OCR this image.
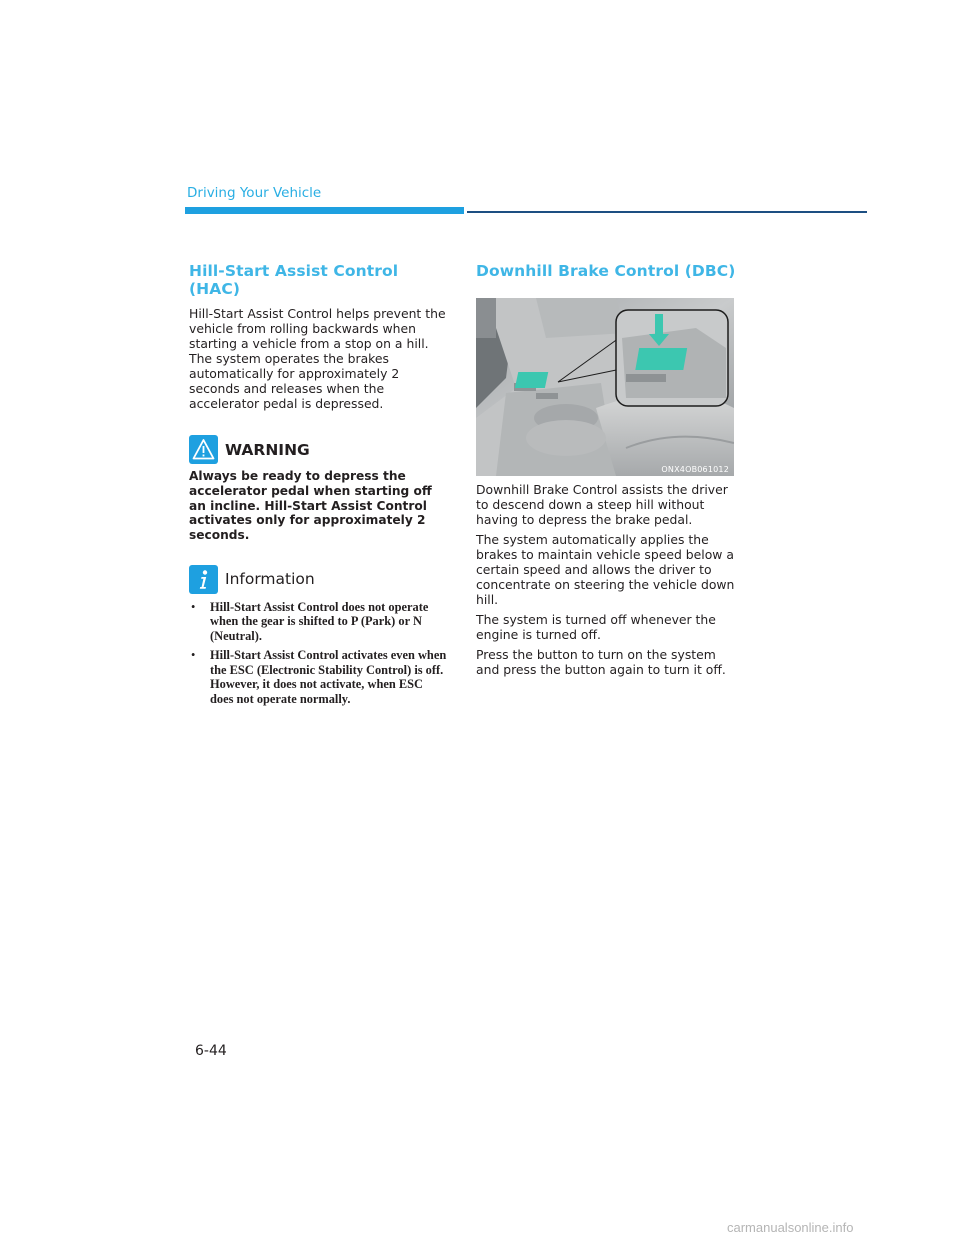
Driving Your Vehicle
Hill-Start Assist Control (HAC)

Hill-Start Assist Control helps prevent the vehicle from rolling backwards when starting a vehicle from a stop on a hill. The system operates the brakes automatically for approximately 2 seconds and releases when the accelerator pedal is depressed.

WARNING

Always be ready to depress the accelerator pedal when starting off an incline. Hill-Start Assist Control activates only for approximately 2 seconds.

Information
• Hill-Start Assist Control does not operate when the gear is shifted to P (Park) or N (Neutral).
• Hill-Start Assist Control activates even when the ESC (Electronic Stability Control) is off. However, it does not activate, when ESC does not operate normally.
Downhill Brake Control (DBC)
ONX4OB061012

Downhill Brake Control assists the driver to descend down a steep hill without having to depress the brake pedal.

The system automatically applies the brakes to maintain vehicle speed below a certain speed and allows the driver to concentrate on steering the vehicle down hill.

The system is turned off whenever the engine is turned off.

Press the button to turn on the system and press the button again to turn it off.

6-44
carmanualsonline.info
